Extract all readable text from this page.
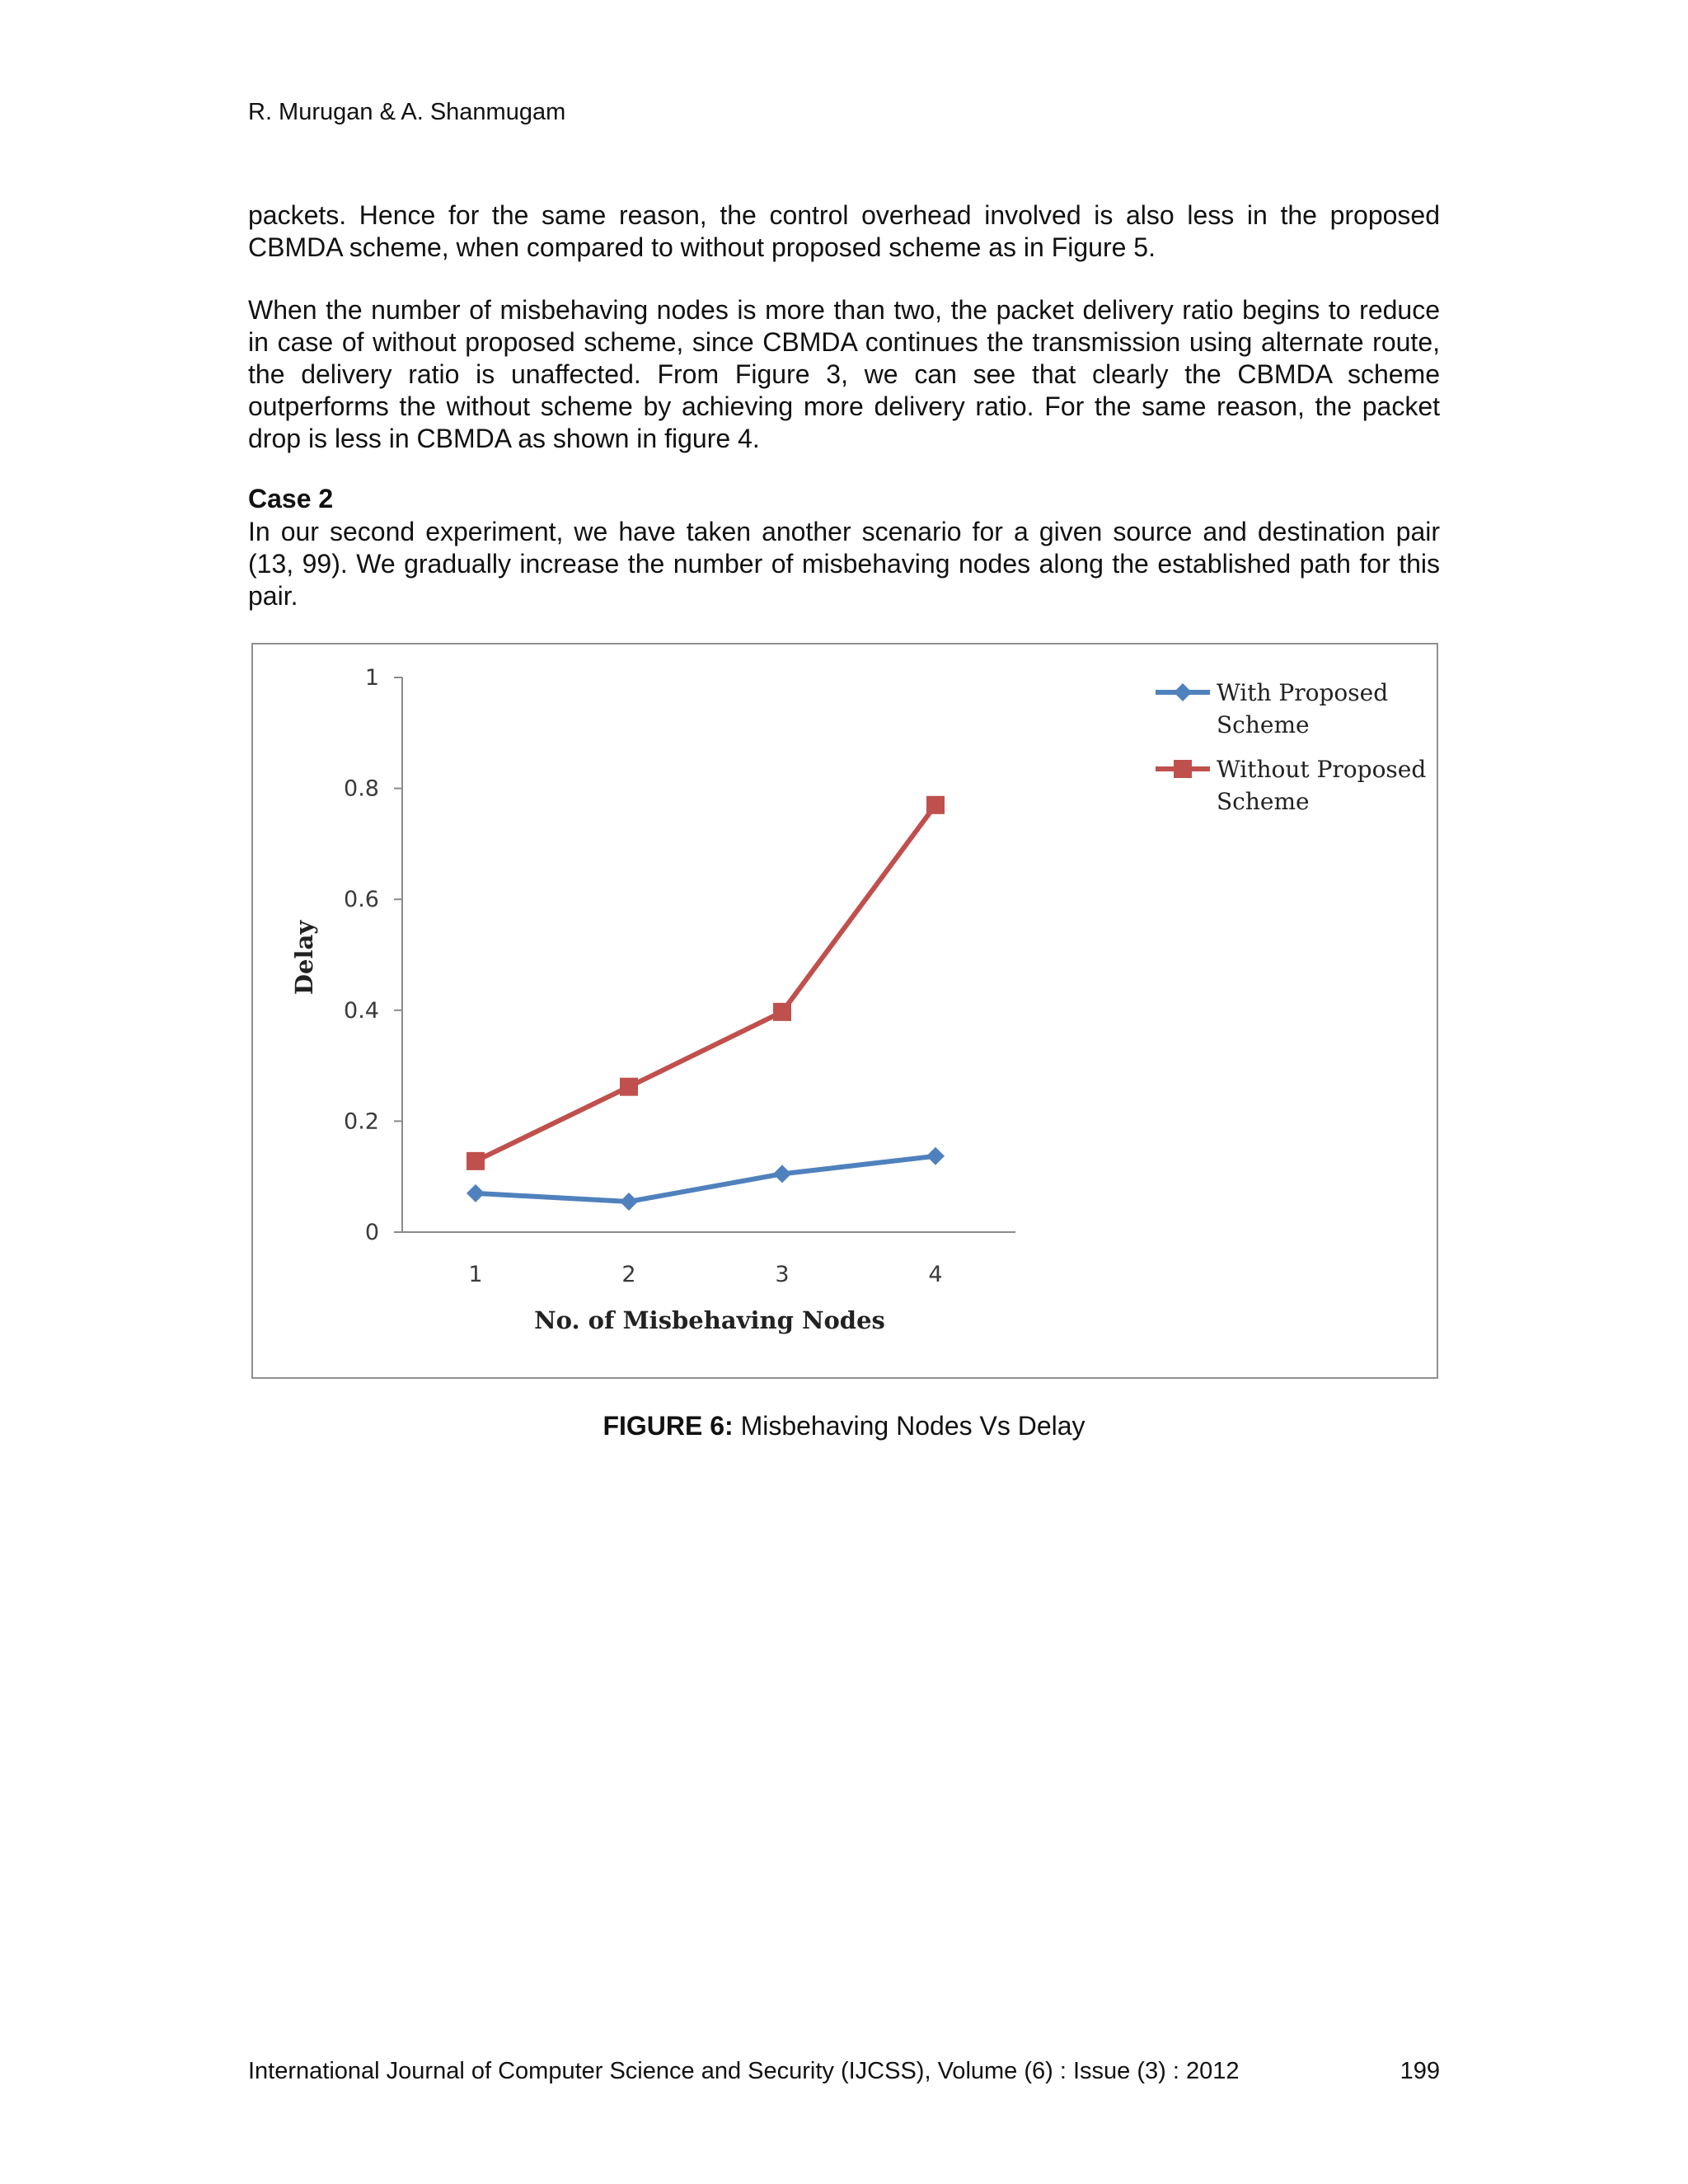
R. Murugan & A. Shanmugam

packets. Hence for the same reason, the control overhead involved is also less in the proposed CBMDA scheme, when compared to without proposed scheme as in Figure 5.

When the number of misbehaving nodes is more than two, the packet delivery ratio begins to reduce in case of without proposed scheme, since CBMDA continues the transmission using alternate route, the delivery ratio is unaffected. From Figure 3, we can see that clearly the CBMDA scheme outperforms the without scheme by achieving more delivery ratio. For the same reason, the packet drop is less in CBMDA as shown in figure 4.

Case 2

In our second experiment, we have taken another scenario for a given source and destination pair (13, 99). We gradually increase the number of misbehaving nodes along the established path for this pair.

0
0.2
0.4
0.6
0.8
1
1	2	3	4
No. of Misbehaving Nodes
Delay
With Proposed
Scheme
Without Proposed
Scheme
FIGURE 6: Misbehaving Nodes Vs Delay
International Journal of Computer Science and Security (IJCSS), Volume (6) : Issue (3) : 2012	199
